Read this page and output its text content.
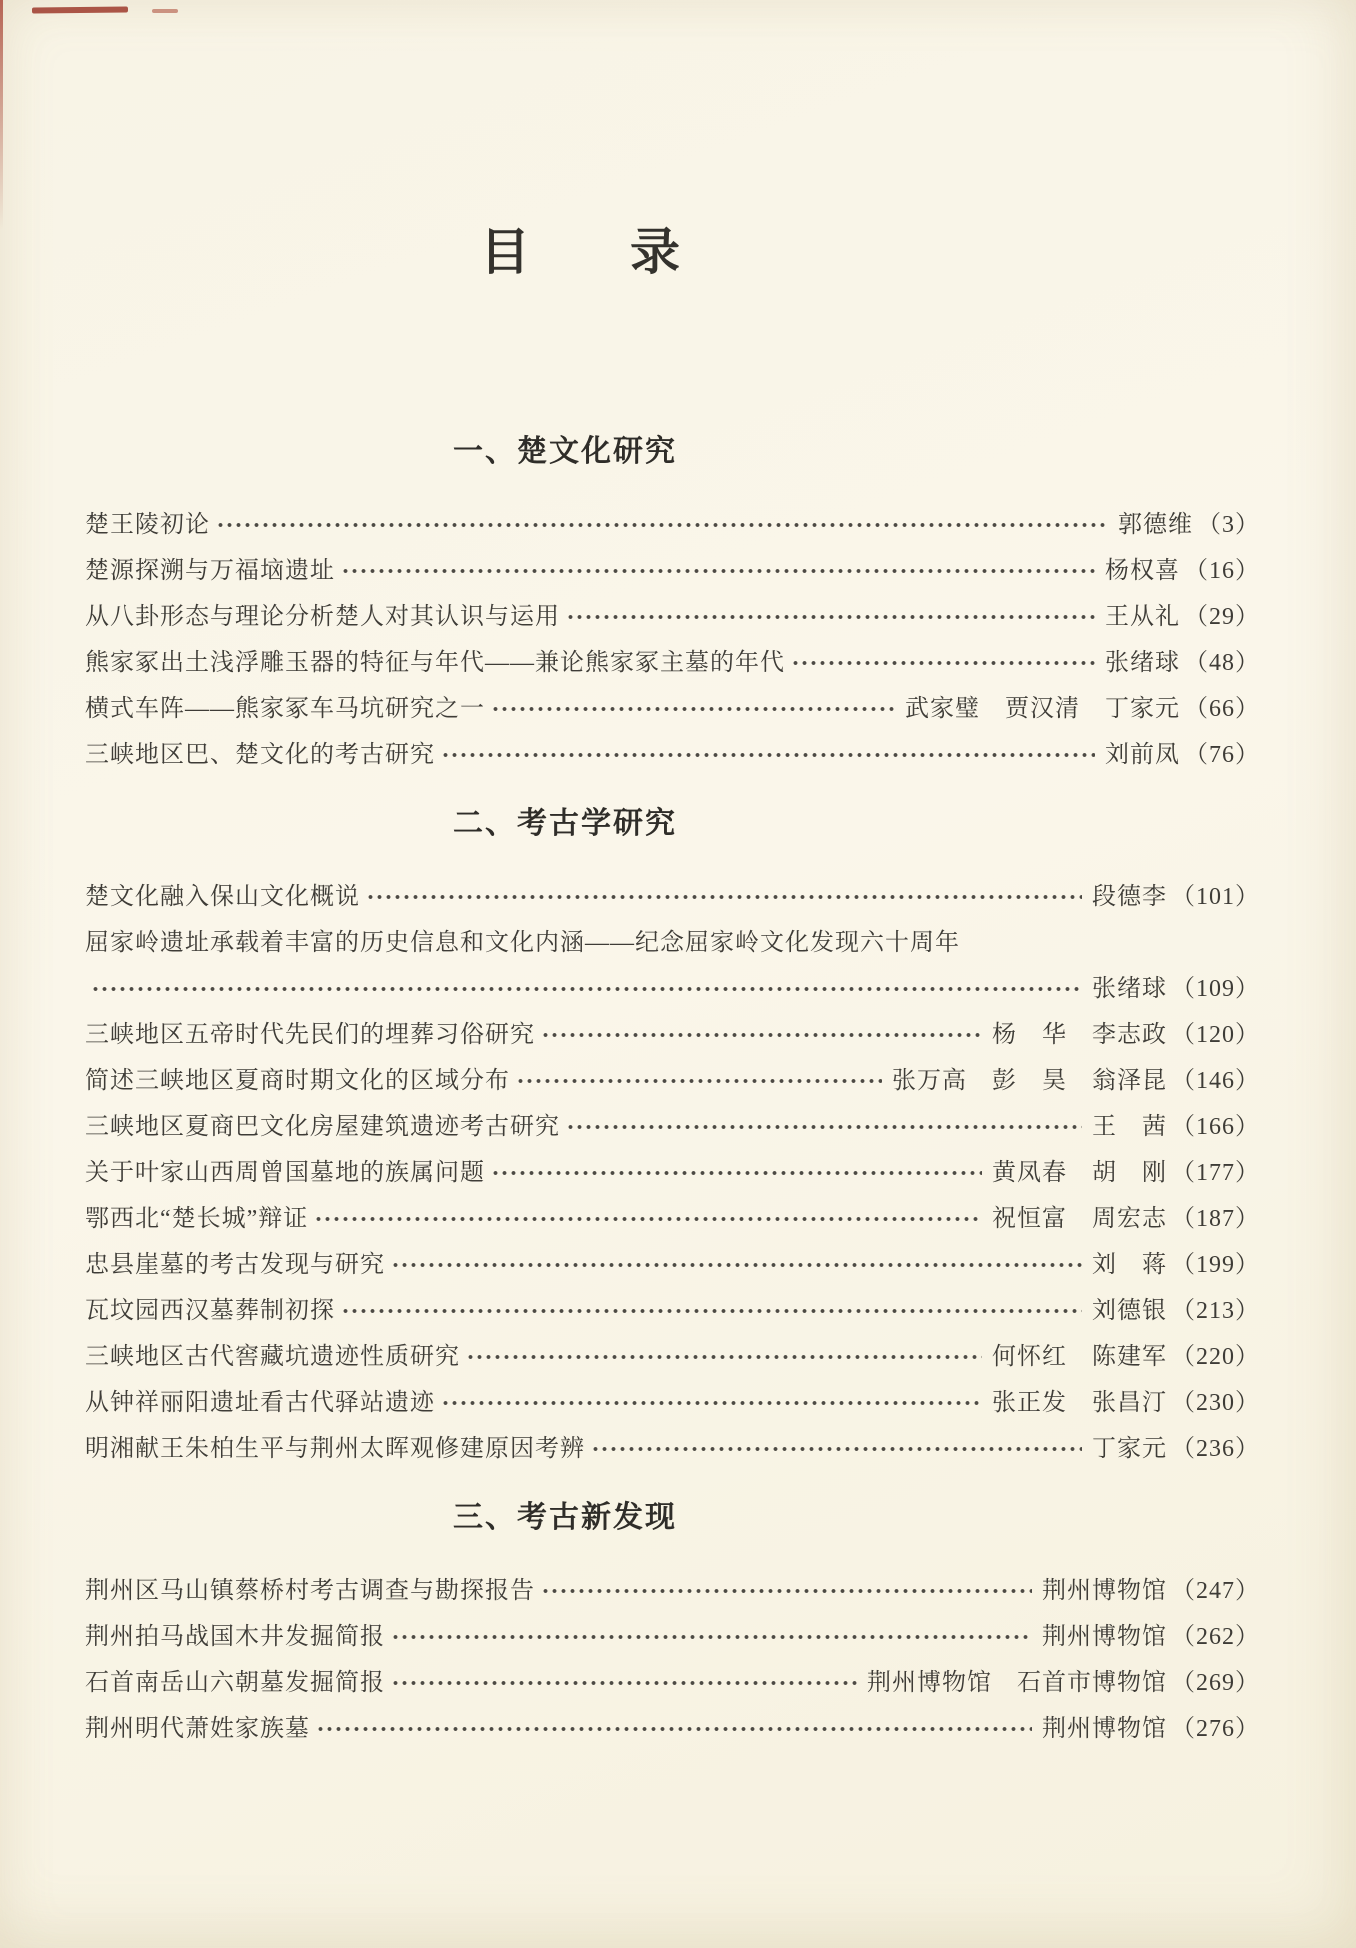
目　　录
一、楚文化研究
楚王陵初论	郭德维 （3）
楚源探溯与万福垴遗址	杨权喜 （16）
从八卦形态与理论分析楚人对其认识与运用	王从礼 （29）
熊家冢出土浅浮雕玉器的特征与年代——兼论熊家冢主墓的年代	张绪球 （48）
横式车阵——熊家冢车马坑研究之一	武家璧　贾汉清　丁家元 （66）
三峡地区巴、楚文化的考古研究	刘前凤 （76）
二、考古学研究
楚文化融入保山文化概说	段德李 （101）
屈家岭遗址承载着丰富的历史信息和文化内涵——纪念屈家岭文化发现六十周年
张绪球 （109）
三峡地区五帝时代先民们的埋葬习俗研究	杨　华　李志政 （120）
简述三峡地区夏商时期文化的区域分布	张万高　彭　昊　翁泽昆 （146）
三峡地区夏商巴文化房屋建筑遗迹考古研究	王　茜 （166）
关于叶家山西周曾国墓地的族属问题	黄凤春　胡　刚 （177）
鄂西北“楚长城”辩证	祝恒富　周宏志 （187）
忠县崖墓的考古发现与研究	刘　蒋 （199）
瓦坟园西汉墓葬制初探	刘德银 （213）
三峡地区古代窖藏坑遗迹性质研究	何怀红　陈建军 （220）
从钟祥丽阳遗址看古代驿站遗迹	张正发　张昌汀 （230）
明湘献王朱柏生平与荆州太晖观修建原因考辨	丁家元 （236）
三、考古新发现
荆州区马山镇蔡桥村考古调查与勘探报告	荆州博物馆 （247）
荆州拍马战国木井发掘简报	荆州博物馆 （262）
石首南岳山六朝墓发掘简报	荆州博物馆　石首市博物馆 （269）
荆州明代萧姓家族墓	荆州博物馆 （276）
